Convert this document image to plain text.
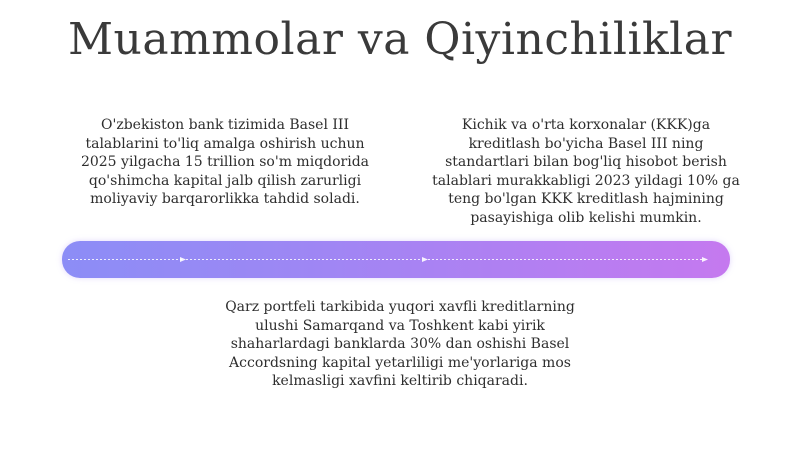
Muammolar va Qiyinchiliklar

O'zbekiston bank tizimida Basel III
talablarini to'liq amalga oshirish uchun
2025 yilgacha 15 trillion so'm miqdorida
qo'shimcha kapital jalb qilish zarurligi
moliyaviy barqarorlikka tahdid soladi.

Kichik va o'rta korxonalar (KKK)ga
kreditlash bo'yicha Basel III ning
standartlari bilan bog'liq hisobot berish
talablari murakkabligi 2023 yildagi 10% ga
teng bo'lgan KKK kreditlash hajmining
pasayishiga olib kelishi mumkin.

Qarz portfeli tarkibida yuqori xavfli kreditlarning
ulushi Samarqand va Toshkent kabi yirik
shaharlardagi banklarda 30% dan oshishi Basel
Accordsning kapital yetarliligi me'yorlariga mos
kelmasligi xavfini keltirib chiqaradi.
